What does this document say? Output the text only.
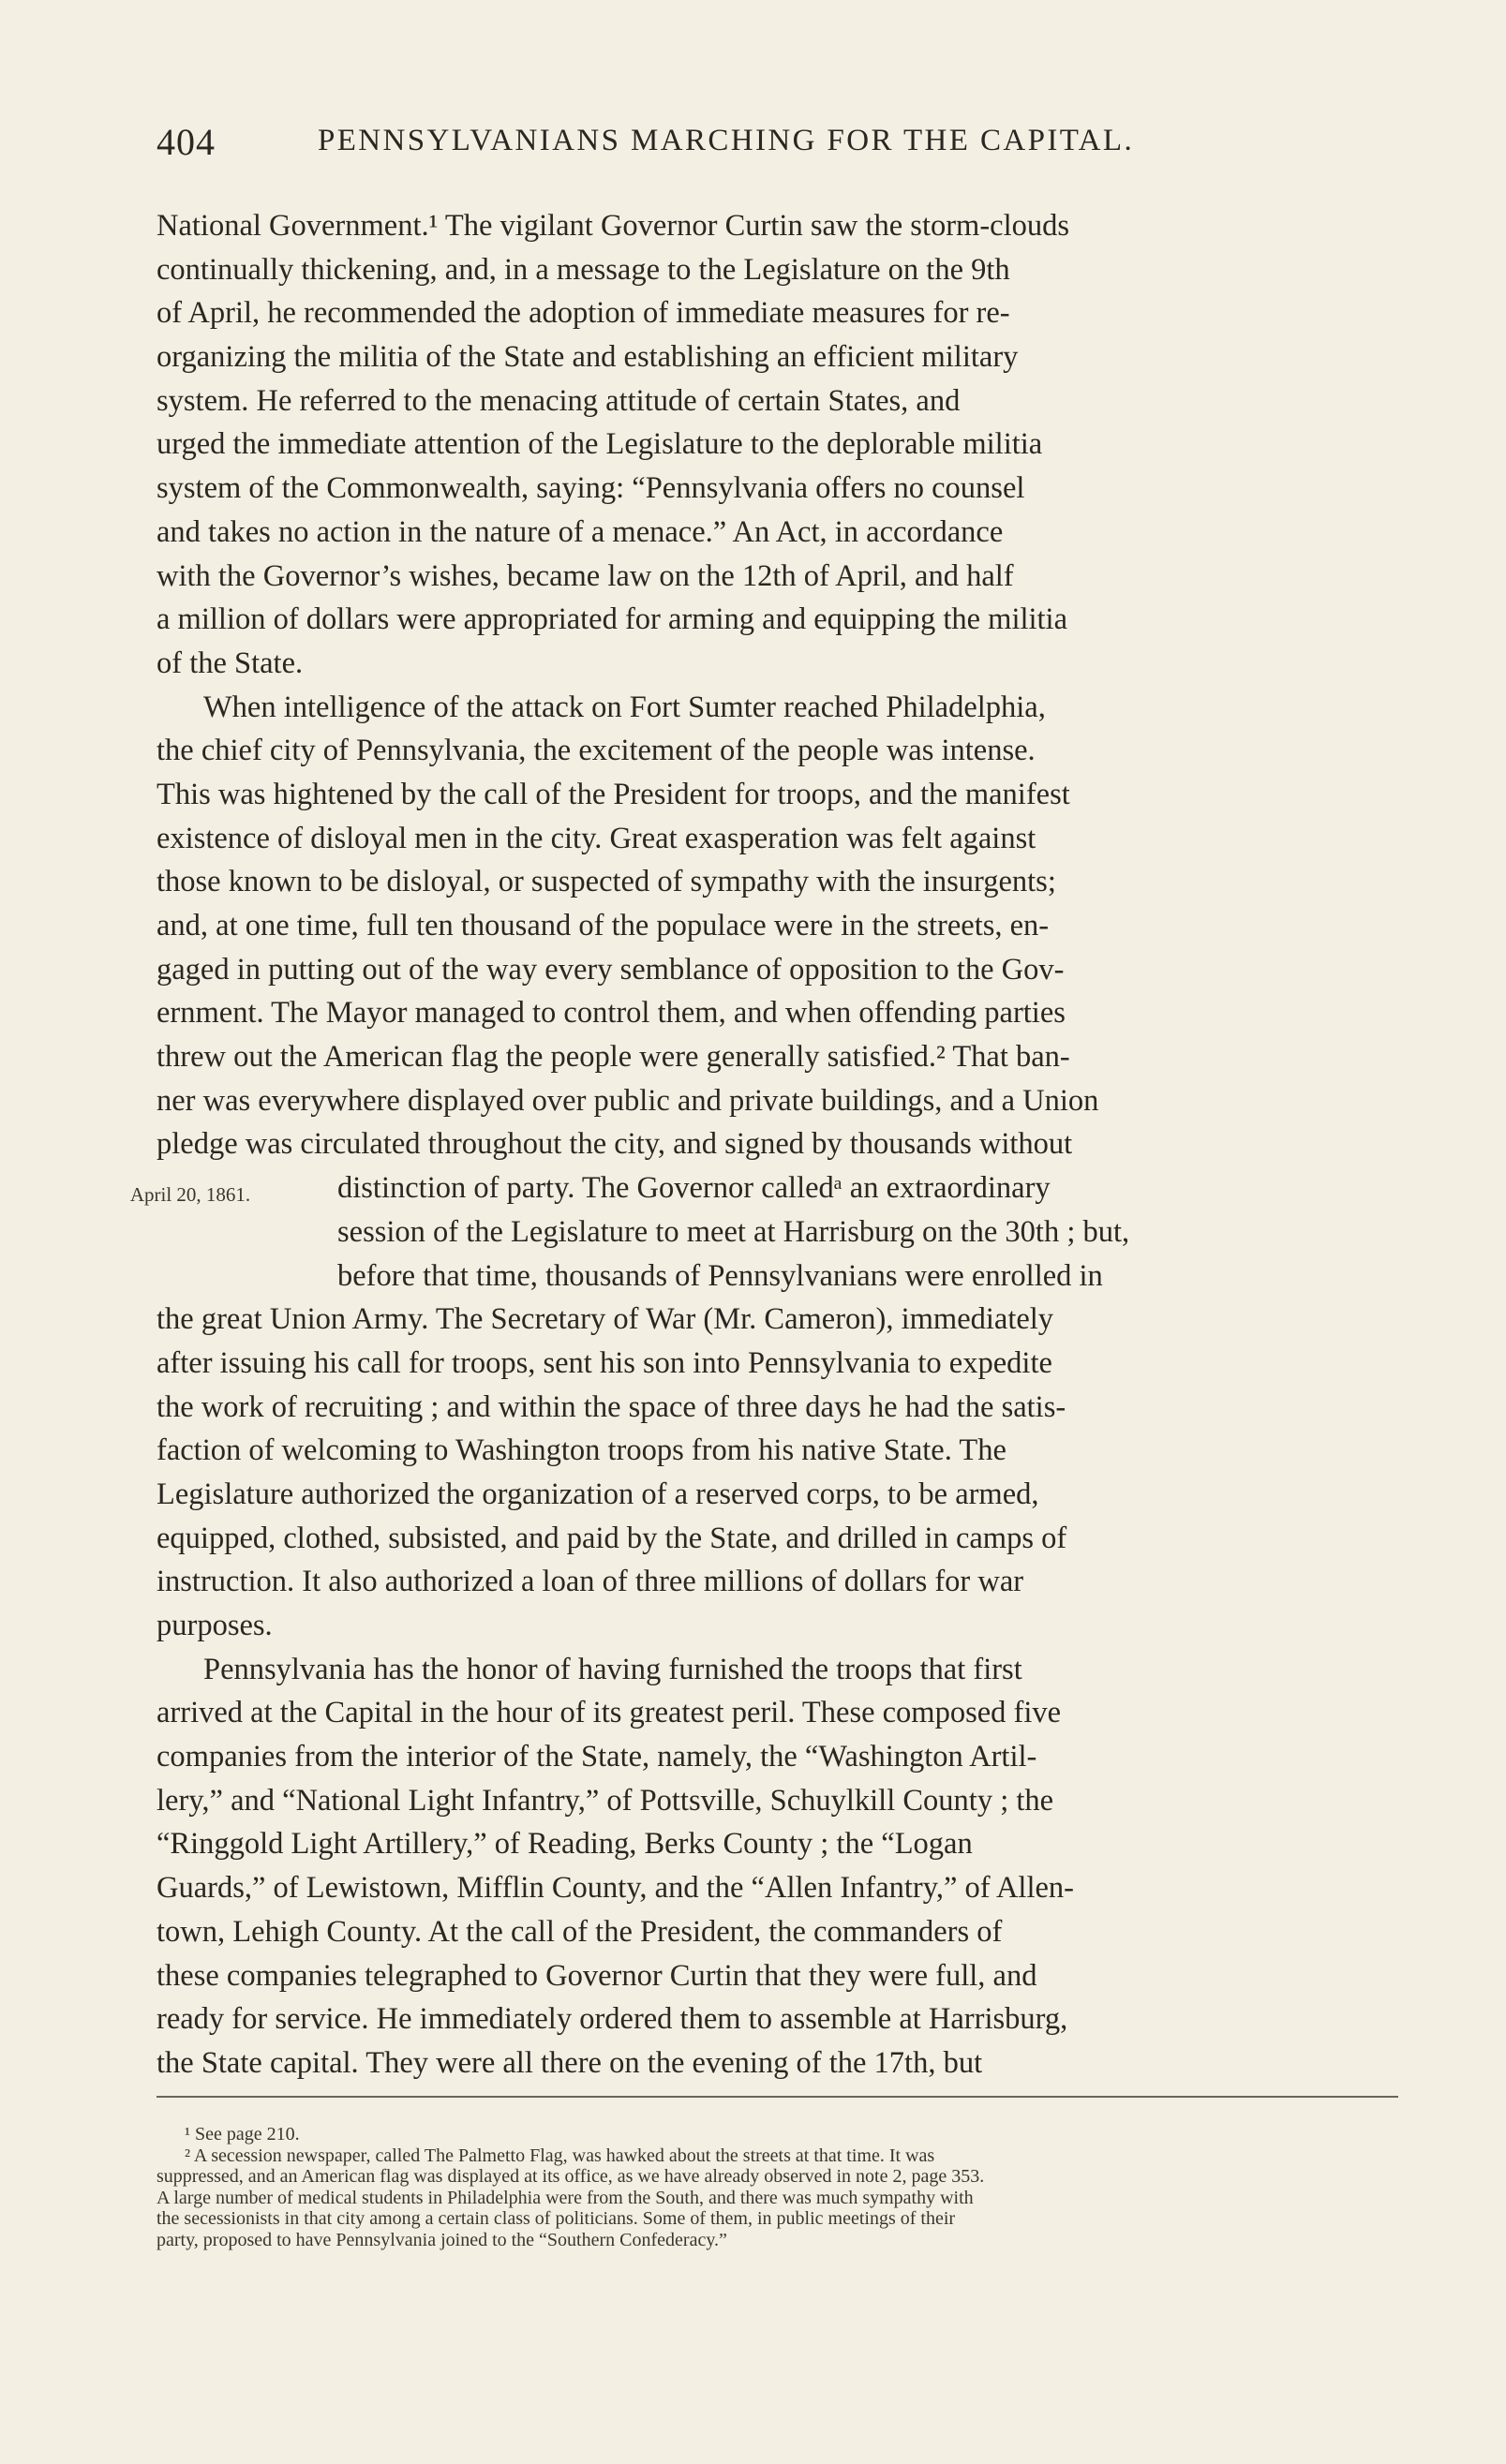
404	PENNSYLVANIANS MARCHING FOR THE CAPITAL.
National Government.¹ The vigilant Governor Curtin saw the storm-clouds
continually thickening, and, in a message to the Legislature on the 9th
of April, he recommended the adoption of immediate measures for re-
organizing the militia of the State and establishing an efficient military
system. He referred to the menacing attitude of certain States, and
urged the immediate attention of the Legislature to the deplorable militia
system of the Commonwealth, saying: “Pennsylvania offers no counsel
and takes no action in the nature of a menace.” An Act, in accordance
with the Governor’s wishes, became law on the 12th of April, and half
a million of dollars were appropriated for arming and equipping the militia
of the State.
When intelligence of the attack on Fort Sumter reached Philadelphia,
the chief city of Pennsylvania, the excitement of the people was intense.
This was hightened by the call of the President for troops, and the manifest
existence of disloyal men in the city. Great exasperation was felt against
those known to be disloyal, or suspected of sympathy with the insurgents;
and, at one time, full ten thousand of the populace were in the streets, en-
gaged in putting out of the way every semblance of opposition to the Gov-
ernment. The Mayor managed to control them, and when offending parties
threw out the American flag the people were generally satisfied.² That ban-
ner was everywhere displayed over public and private buildings, and a Union
pledge was circulated throughout the city, and signed by thousands without
distinction of party. The Governor calledᵃ an extraordinary
session of the Legislature to meet at Harrisburg on the 30th ; but,
before that time, thousands of Pennsylvanians were enrolled in
the great Union Army. The Secretary of War (Mr. Cameron), immediately
after issuing his call for troops, sent his son into Pennsylvania to expedite
the work of recruiting ; and within the space of three days he had the satis-
faction of welcoming to Washington troops from his native State. The
Legislature authorized the organization of a reserved corps, to be armed,
equipped, clothed, subsisted, and paid by the State, and drilled in camps of
instruction. It also authorized a loan of three millions of dollars for war
purposes.
Pennsylvania has the honor of having furnished the troops that first
arrived at the Capital in the hour of its greatest peril. These composed five
companies from the interior of the State, namely, the “Washington Artil-
lery,” and “National Light Infantry,” of Pottsville, Schuylkill County ; the
“Ringgold Light Artillery,” of Reading, Berks County ; the “Logan
Guards,” of Lewistown, Mifflin County, and the “Allen Infantry,” of Allen-
town, Lehigh County. At the call of the President, the commanders of
these companies telegraphed to Governor Curtin that they were full, and
ready for service. He immediately ordered them to assemble at Harrisburg,
the State capital. They were all there on the evening of the 17th, but
April 20, 1861.
¹ See page 210.
² A secession newspaper, called The Palmetto Flag, was hawked about the streets at that time. It was
suppressed, and an American flag was displayed at its office, as we have already observed in note 2, page 353.
A large number of medical students in Philadelphia were from the South, and there was much sympathy with
the secessionists in that city among a certain class of politicians. Some of them, in public meetings of their
party, proposed to have Pennsylvania joined to the “Southern Confederacy.”
